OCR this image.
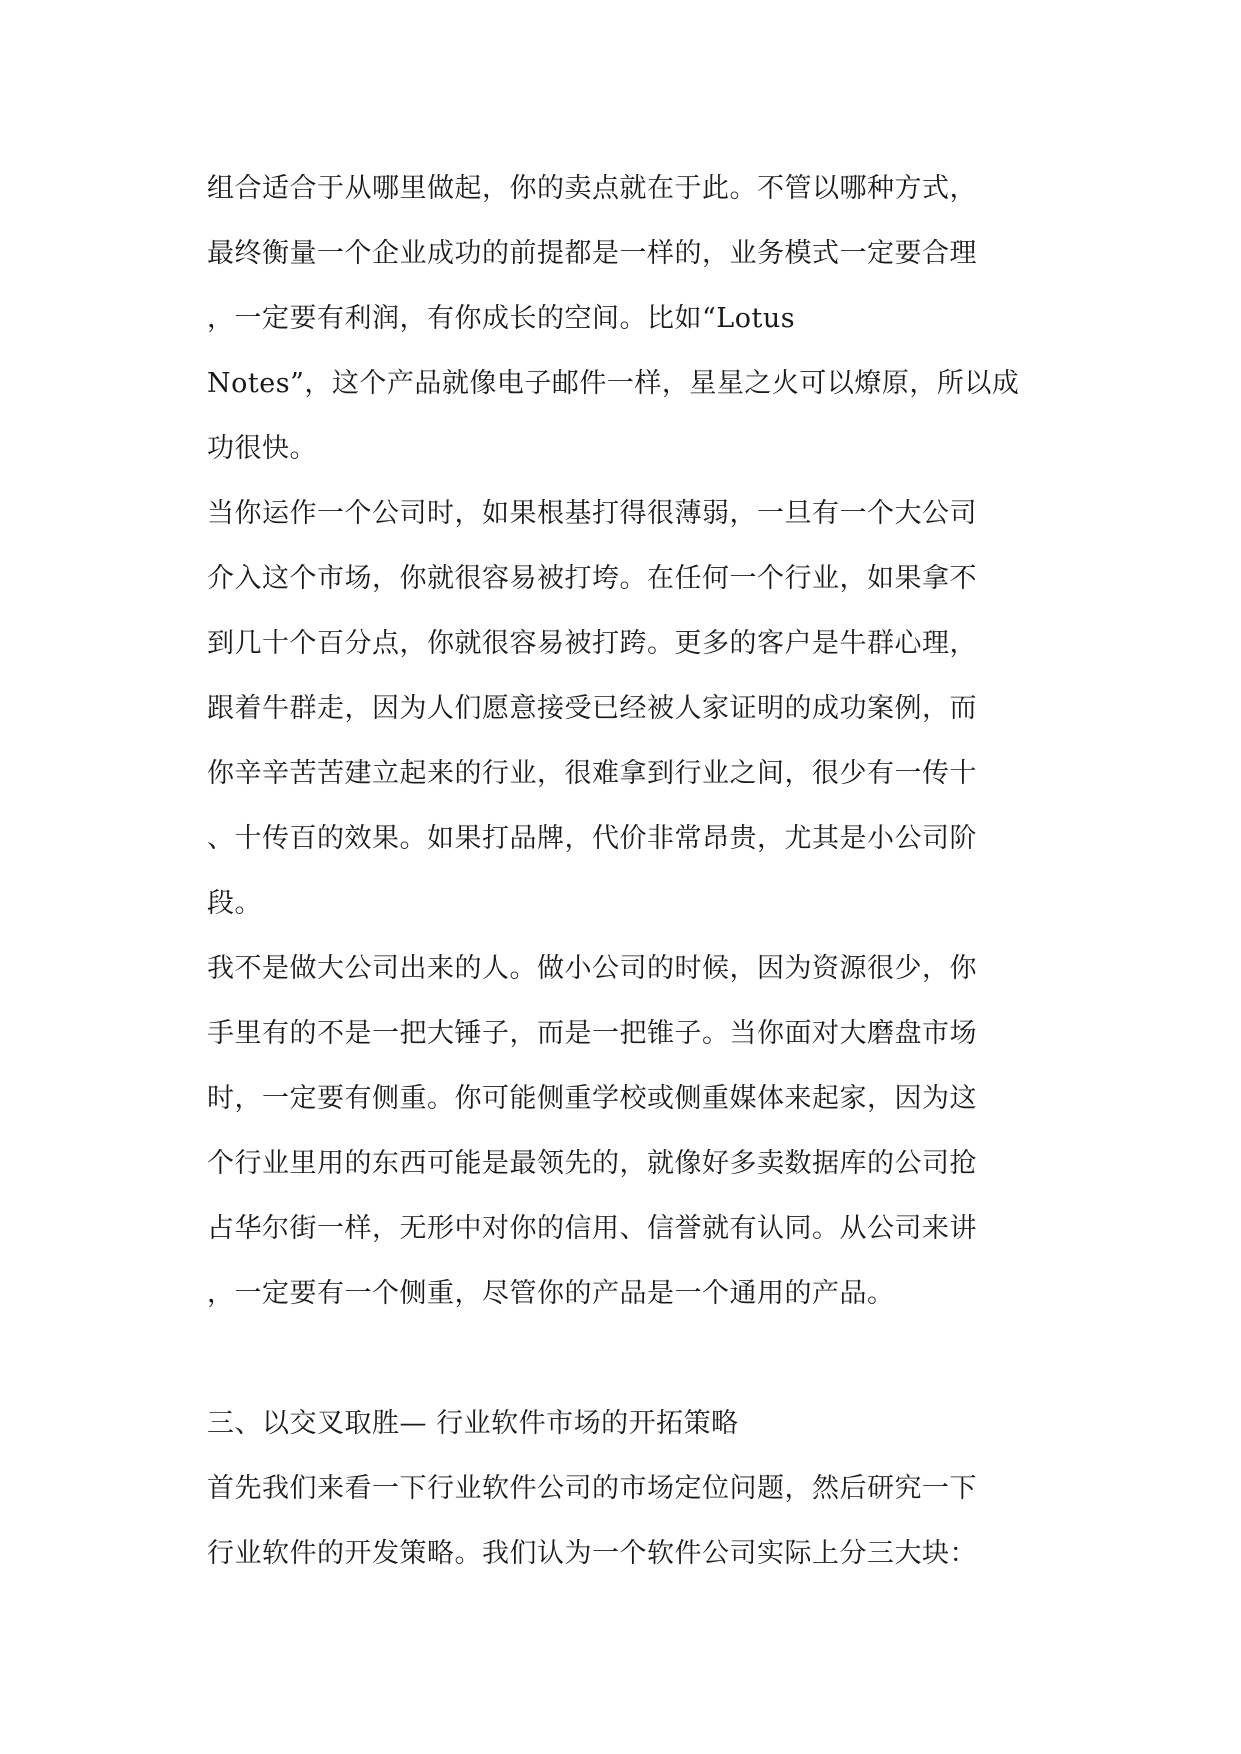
组合适合于从哪里做起，你的卖点就在于此。不管以哪种方式，
最终衡量一个企业成功的前提都是一样的，业务模式一定要合理
，一定要有利润，有你成长的空间。比如“Lotus
Notes”，这个产品就像电子邮件一样，星星之火可以燎原，所以成
功很快。
当你运作一个公司时，如果根基打得很薄弱，一旦有一个大公司
介入这个市场，你就很容易被打垮。在任何一个行业，如果拿不
到几十个百分点，你就很容易被打跨。更多的客户是牛群心理，
跟着牛群走，因为人们愿意接受已经被人家证明的成功案例，而
你辛辛苦苦建立起来的行业，很难拿到行业之间，很少有一传十
、十传百的效果。如果打品牌，代价非常昂贵，尤其是小公司阶
段。
我不是做大公司出来的人。做小公司的时候，因为资源很少，你
手里有的不是一把大锤子，而是一把锥子。当你面对大磨盘市场
时，一定要有侧重。你可能侧重学校或侧重媒体来起家，因为这
个行业里用的东西可能是最领先的，就像好多卖数据库的公司抢
占华尔街一样，无形中对你的信用、信誉就有认同。从公司来讲
，一定要有一个侧重，尽管你的产品是一个通用的产品。
三、以交叉取胜— 行业软件市场的开拓策略
首先我们来看一下行业软件公司的市场定位问题，然后研究一下
行业软件的开发策略。我们认为一个软件公司实际上分三大块：
